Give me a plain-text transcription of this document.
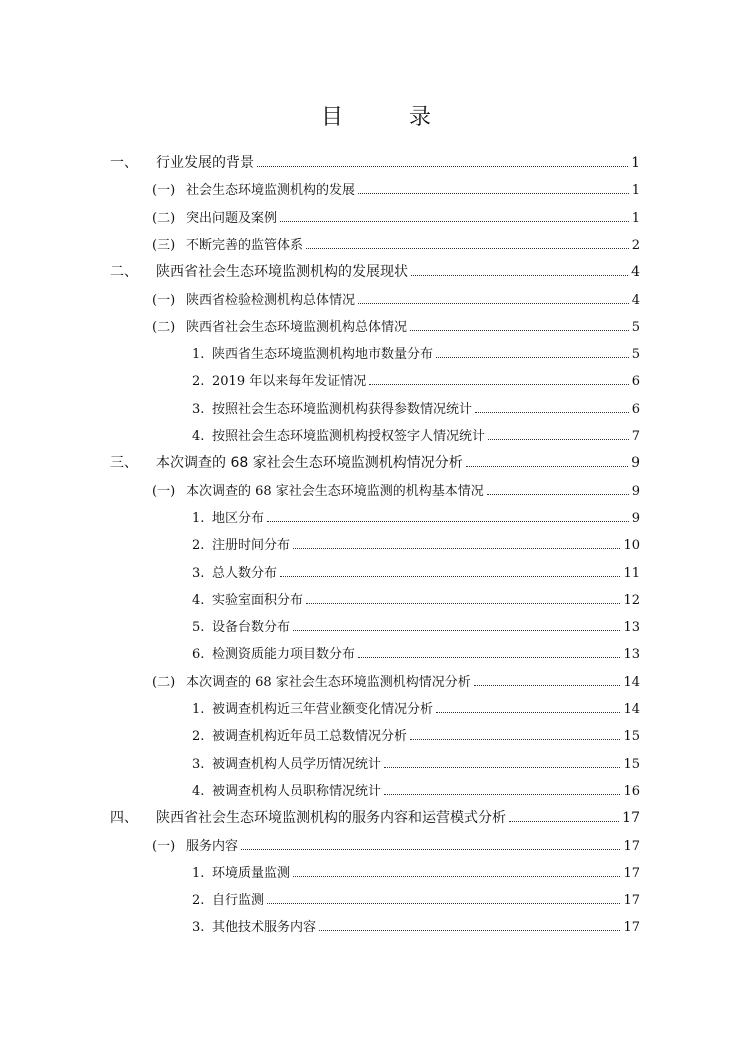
目　录
一、	行业发展的背景	1
(一) 社会生态环境监测机构的发展	1
(二) 突出问题及案例	1
(三) 不断完善的监管体系	2
二、	陕西省社会生态环境监测机构的发展现状	4
(一) 陕西省检验检测机构总体情况	4
(二) 陕西省社会生态环境监测机构总体情况	5
1. 陕西省生态环境监测机构地市数量分布	5
2. 2019 年以来每年发证情况	6
3. 按照社会生态环境监测机构获得参数情况统计	6
4. 按照社会生态环境监测机构授权签字人情况统计	7
三、	本次调查的 68 家社会生态环境监测机构情况分析	9
(一) 本次调查的 68 家社会生态环境监测的机构基本情况	9
1. 地区分布	9
2. 注册时间分布	10
3. 总人数分布	11
4. 实验室面积分布	12
5. 设备台数分布	13
6. 检测资质能力项目数分布	13
(二) 本次调查的 68 家社会生态环境监测机构情况分析	14
1. 被调查机构近三年营业额变化情况分析	14
2. 被调查机构近年员工总数情况分析	15
3. 被调查机构人员学历情况统计	15
4. 被调查机构人员职称情况统计	16
四、	陕西省社会生态环境监测机构的服务内容和运营模式分析	17
(一) 服务内容	17
1. 环境质量监测	17
2. 自行监测	17
3. 其他技术服务内容	17
